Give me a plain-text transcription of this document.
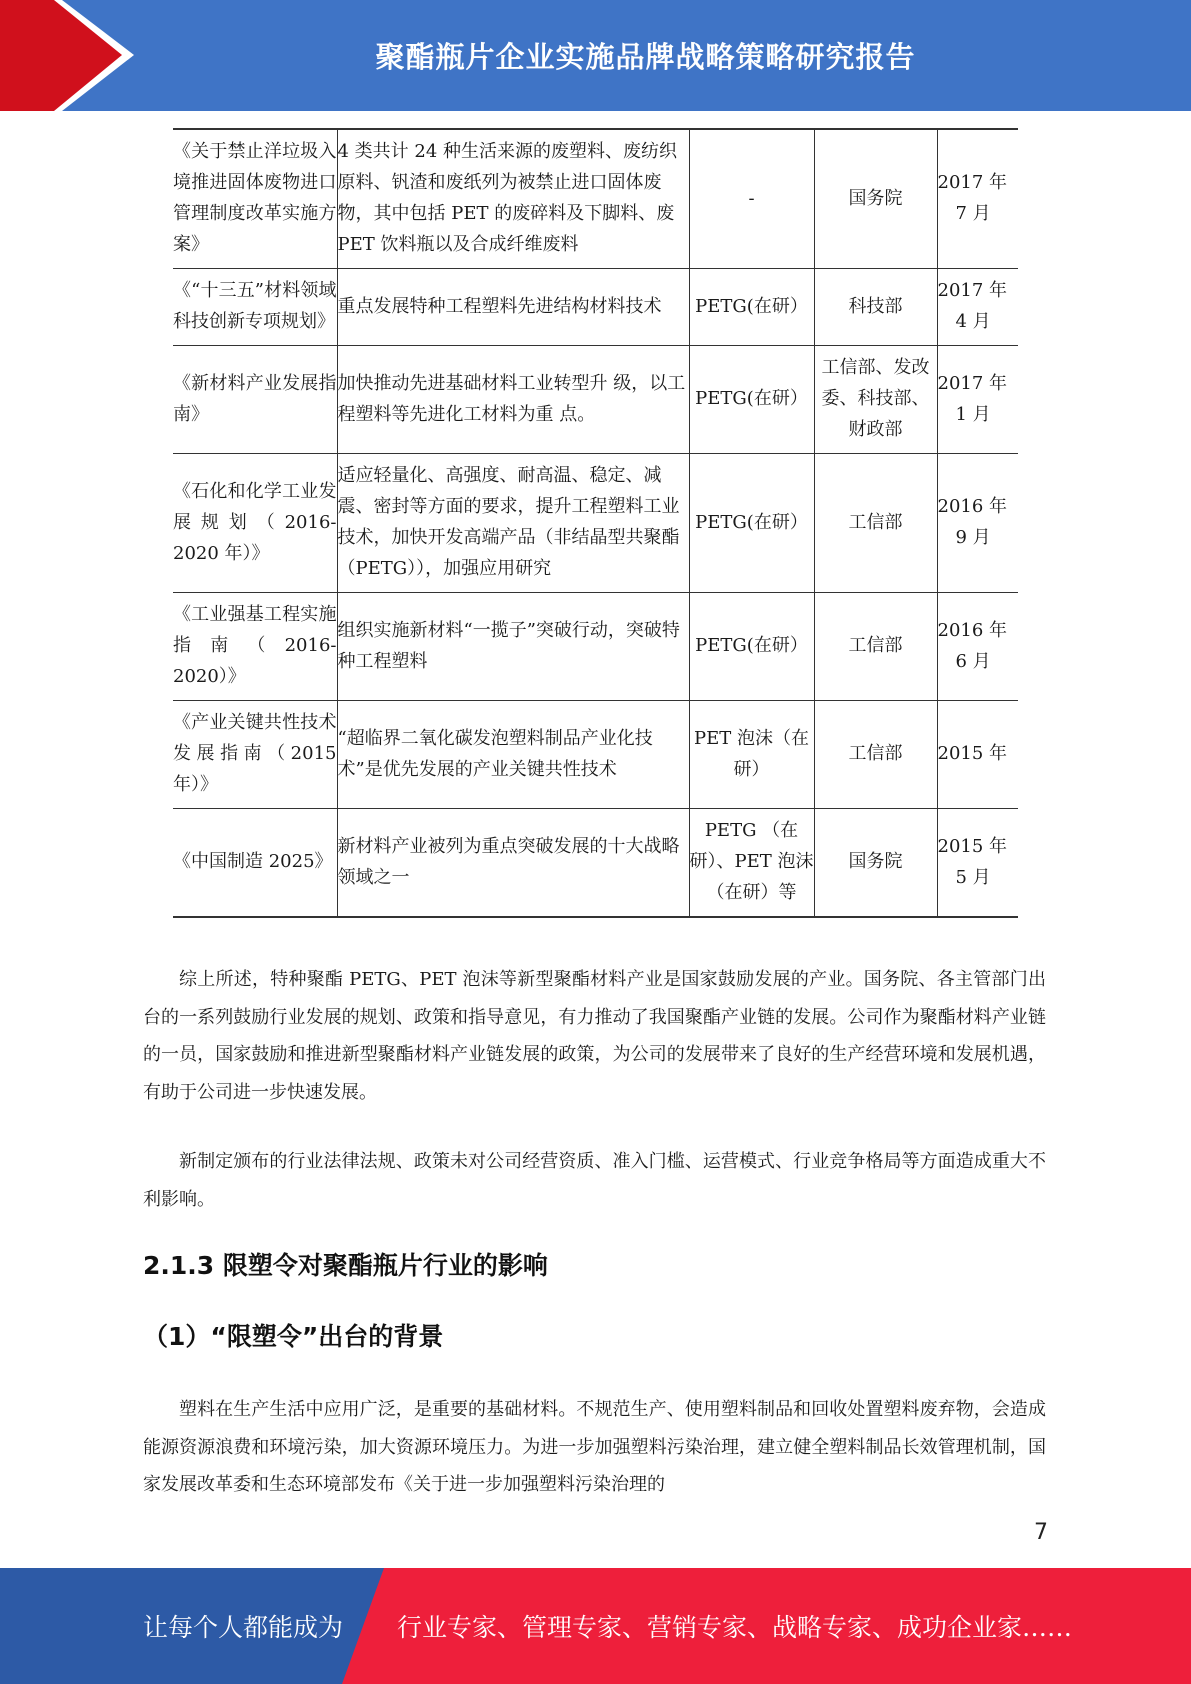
聚酯瓶片企业实施品牌战略策略研究报告
《关于禁止洋垃圾入境推进固体废物进口管理制度改革实施方 案》	4 类共计 24 种生活来源的废塑料、废纺织原料、钒渣和废纸列为被禁止进口固体废物，其中包括 PET 的废碎料及下脚料、废 PET 饮料瓶以及合成纤维废料	-	国务院	2017 年
7 月

《“十三五”材料领域科技创新专项规划》	重点发展特种工程塑料先进结构材料技术	PETG(在研）	科技部	2017 年
4 月

《新材料产业发展指南》	加快推动先进基础材料工业转型升 级，以工程塑料等先进化工材料为重 点。	PETG(在研）	工信部、发改委、科技部、财政部	2017 年
1 月

《石化和化学工业发展规划（2016-2020 年）》	适应轻量化、高强度、耐高温、稳定、减震、密封等方面的要求，提升工程塑料工业技术，加快开发高端产品（非结晶型共聚酯（PETG）），加强应用研究	PETG(在研）	工信部	2016 年
9 月

《工业强基工程实施指南（2016-2020）》	组织实施新材料“一揽子”突破行动，突破特种工程塑料	PETG(在研）	工信部	2016 年
6 月

《产业关键共性技术发展指南（2015 年）》	“超临界二氧化碳发泡塑料制品产业化技术”是优先发展的产业关键共性技术	PET 泡沫（在研）	工信部	2015 年

《中国制造 2025》	新材料产业被列为重点突破发展的十大战略领域之一	PETG （在研）、PET 泡沫（在研）等	国务院	2015 年
5 月

综上所述，特种聚酯 PETG、PET 泡沫等新型聚酯材料产业是国家鼓励发展的产业。国务院、各主管部门出台的一系列鼓励行业发展的规划、政策和指导意见，有力推动了我国聚酯产业链的发展。公司作为聚酯材料产业链的一员，国家鼓励和推进新型聚酯材料产业链发展的政策，为公司的发展带来了良好的生产经营环境和发展机遇，有助于公司进一步快速发展。

新制定颁布的行业法律法规、政策未对公司经营资质、准入门槛、运营模式、行业竞争格局等方面造成重大不利影响。

2.1.3 限塑令对聚酯瓶片行业的影响
（1）“限塑令”出台的背景

塑料在生产生活中应用广泛，是重要的基础材料。不规范生产、使用塑料制品和回收处置塑料废弃物，会造成能源资源浪费和环境污染，加大资源环境压力。为进一步加强塑料污染治理，建立健全塑料制品长效管理机制，国家发展改革委和生态环境部发布《关于进一步加强塑料污染治理的

7
让每个人都能成为 行业专家、管理专家、营销专家、战略专家、成功企业家……
